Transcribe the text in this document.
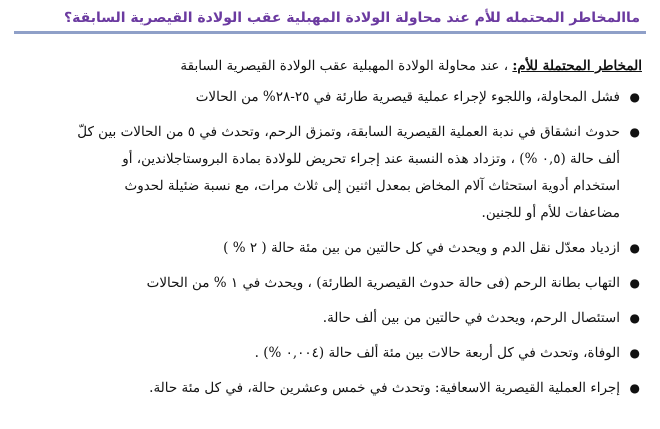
ماالمخاطر المحتمله للأم عند محاولة الولادة المهبلية عقب الولادة القيصرية السابقة؟
المخاطر المحتملة للأم: ، عند محاولة الولادة المهبلية عقب الولادة القيصرية السابقة
●
فشل المحاولة، واللجوء لإجراء عملية قيصرية طارئة في ٢٥-٢٨% من الحالات
●
حدوث انشقاق في ندبة العملية القيصرية السابقة، وتمزق الرحم، وتحدث في ٥ من الحالات بين كلّ
ألف حالة (٠,٥ %) ، وتزداد هذه النسبة عند إجراء تحريض للولادة بمادة البروستاجلاندين، أو
استخدام أدوية استحثاث آلام المخاض بمعدل اثنين إلى ثلاث مرات، مع نسبة ضئيلة لحدوث
مضاعفات للأم أو للجنين.
●
ازدياد معدّل نقل الدم و ويحدث في كل حالتين من بين مئة حالة ( ٢ % )
●
التهاب بطانة الرحم (فى حالة حدوث القيصرية الطارئة) ، ويحدث في ١ % من الحالات
●
استئصال الرحم، ويحدث في حالتين من بين ألف حالة.
●
الوفاة، وتحدث في كل أربعة حالات بين مئة ألف حالة (٠,٠٠٤ %) .
●
إجراء العملية القيصرية الاسعافية: وتحدث في خمس وعشرين حالة، في كل مئة حالة.
